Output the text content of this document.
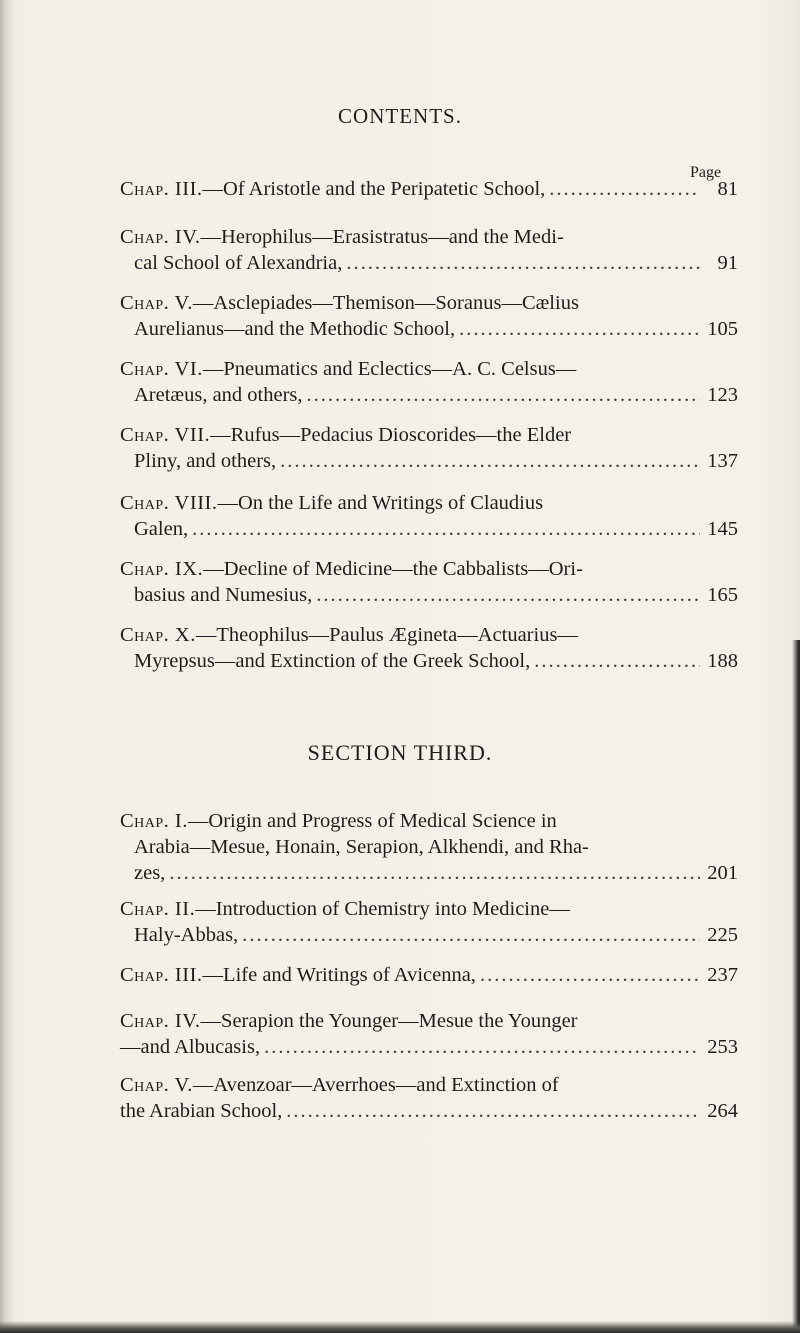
CONTENTS.
Page
Chap. III. —Of Aristotle and the Peripatetic School, .....	81
Chap. IV.—Herophilus—Erasistratus—and the Medi-
cal School of Alexandria, .....	91
Chap. V.—Asclepiades—Themison—Soranus—Cælius
Aurelianus—and the Methodic School, .....	105
Chap. VI.—Pneumatics and Eclectics—A. C. Celsus—
Aretæus, and others, .....	123
Chap. VII.—Rufus—Pedacius Dioscorides—the Elder
Pliny, and others, .....	137
Chap. VIII.—On the Life and Writings of Claudius
Galen, .....	145
Chap. IX.—Decline of Medicine—the Cabbalists—Ori-
basius and Numesius, .....	165
Chap. X.—Theophilus—Paulus Ægineta—Actuarius—
Myrepsus—and Extinction of the Greek School, .....	188
SECTION THIRD.
Chap. I.—Origin and Progress of Medical Science in
Arabia—Mesue, Honain, Serapion, Alkhendi, and Rha-
zes, .....	201
Chap. II.—Introduction of Chemistry into Medicine—
Haly-Abbas, .....	225
Chap. III. —Life and Writings of Avicenna, .....	237
Chap. IV.—Serapion the Younger—Mesue the Younger
—and Albucasis, .....	253
Chap. V.—Avenzoar—Averrhoes—and Extinction of
the Arabian School, .....	264
